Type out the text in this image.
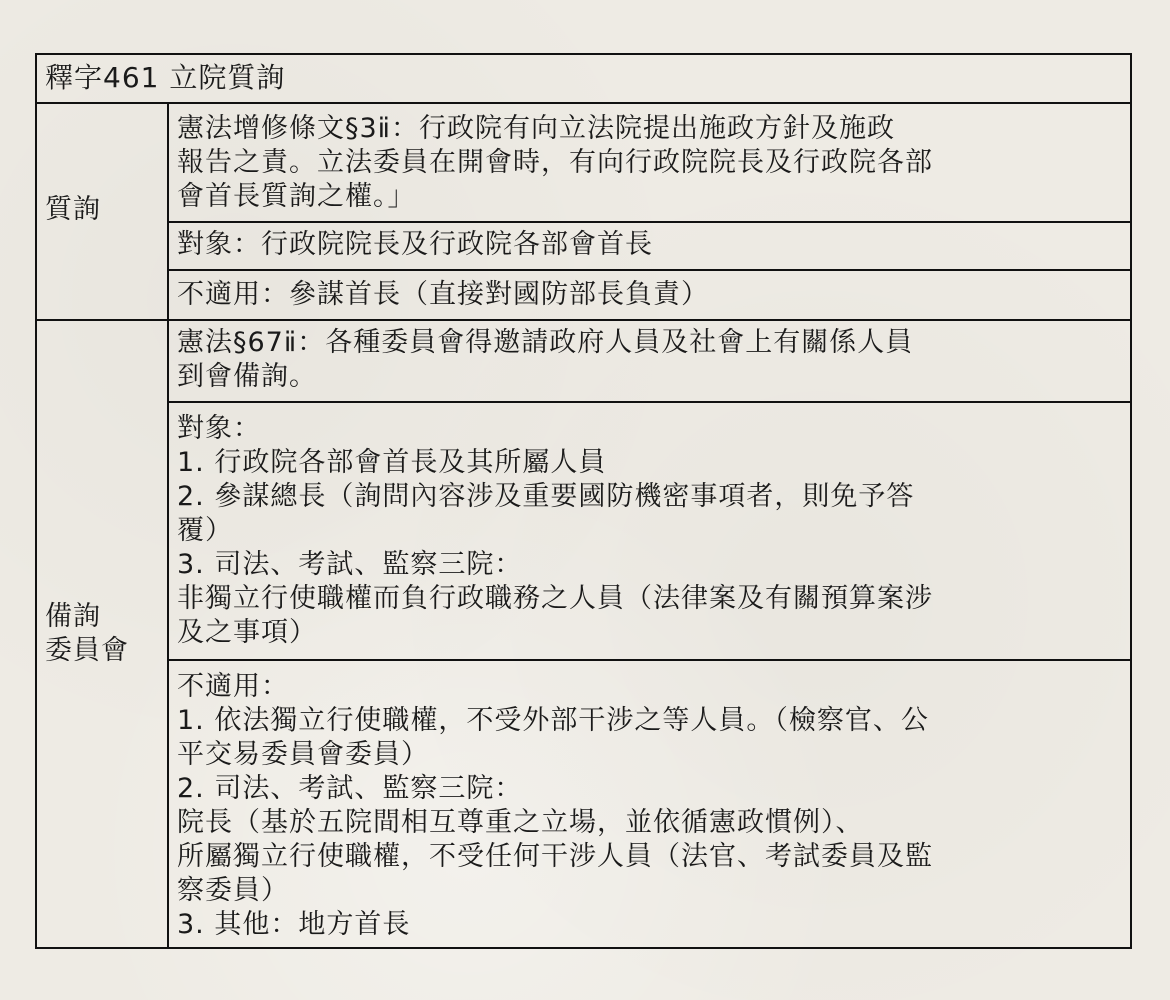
釋字461 立院質詢
質詢
憲法增修條文§3ⅱ：行政院有向立法院提出施政方針及施政
報告之責。立法委員在開會時，有向行政院院長及行政院各部
會首長質詢之權。」
對象：行政院院長及行政院各部會首長
不適用：參謀首長（直接對國防部長負責）
備詢
委員會
憲法§67ⅱ：各種委員會得邀請政府人員及社會上有關係人員
到會備詢。
對象：
1. 行政院各部會首長及其所屬人員
2. 參謀總長（詢問內容涉及重要國防機密事項者，則免予答
覆）
3. 司法、考試、監察三院：
非獨立行使職權而負行政職務之人員（法律案及有關預算案涉
及之事項）
不適用：
1. 依法獨立行使職權，不受外部干涉之等人員。（檢察官、公
平交易委員會委員）
2. 司法、考試、監察三院：
院長（基於五院間相互尊重之立場，並依循憲政慣例）、
所屬獨立行使職權，不受任何干涉人員（法官、考試委員及監
察委員）
3. 其他：地方首長
